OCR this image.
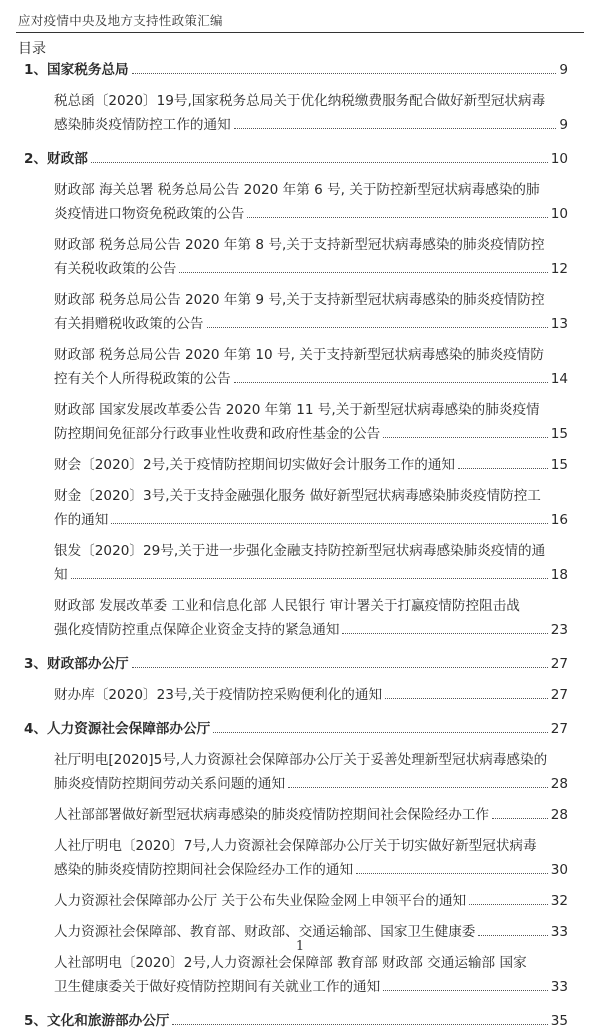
应对疫情中央及地方支持性政策汇编
目录
1、国家税务总局	9
税总函〔2020〕19号,国家税务总局关于优化纳税缴费服务配合做好新型冠状病毒
感染肺炎疫情防控工作的通知	9
2、财政部	10
财政部 海关总署 税务总局公告 2020 年第 6 号, 关于防控新型冠状病毒感染的肺
炎疫情进口物资免税政策的公告	10
财政部 税务总局公告 2020 年第 8 号,关于支持新型冠状病毒感染的肺炎疫情防控
有关税收政策的公告	12
财政部 税务总局公告 2020 年第 9 号,关于支持新型冠状病毒感染的肺炎疫情防控
有关捐赠税收政策的公告	13
财政部 税务总局公告 2020 年第 10 号, 关于支持新型冠状病毒感染的肺炎疫情防
控有关个人所得税政策的公告	14
财政部 国家发展改革委公告 2020 年第 11 号,关于新型冠状病毒感染的肺炎疫情
防控期间免征部分行政事业性收费和政府性基金的公告	15
财会〔2020〕2号,关于疫情防控期间切实做好会计服务工作的通知	15
财金〔2020〕3号,关于支持金融强化服务 做好新型冠状病毒感染肺炎疫情防控工
作的通知	16
银发〔2020〕29号,关于进一步强化金融支持防控新型冠状病毒感染肺炎疫情的通
知	18
财政部 发展改革委 工业和信息化部 人民银行 审计署关于打赢疫情防控阻击战
强化疫情防控重点保障企业资金支持的紧急通知	23
3、财政部办公厅	27
财办库〔2020〕23号,关于疫情防控采购便利化的通知	27
4、人力资源社会保障部办公厅	27
社厅明电[2020]5号,人力资源社会保障部办公厅关于妥善处理新型冠状病毒感染的
肺炎疫情防控期间劳动关系问题的通知	28
人社部部署做好新型冠状病毒感染的肺炎疫情防控期间社会保险经办工作	28
人社厅明电〔2020〕7号,人力资源社会保障部办公厅关于切实做好新型冠状病毒
感染的肺炎疫情防控期间社会保险经办工作的通知	30
人力资源社会保障部办公厅 关于公布失业保险金网上申领平台的通知	32
人力资源社会保障部、教育部、财政部、交通运输部、国家卫生健康委	33
人社部明电〔2020〕2号,人力资源社会保障部 教育部 财政部 交通运输部 国家
卫生健康委关于做好疫情防控期间有关就业工作的通知	33
5、文化和旅游部办公厅	35
1
